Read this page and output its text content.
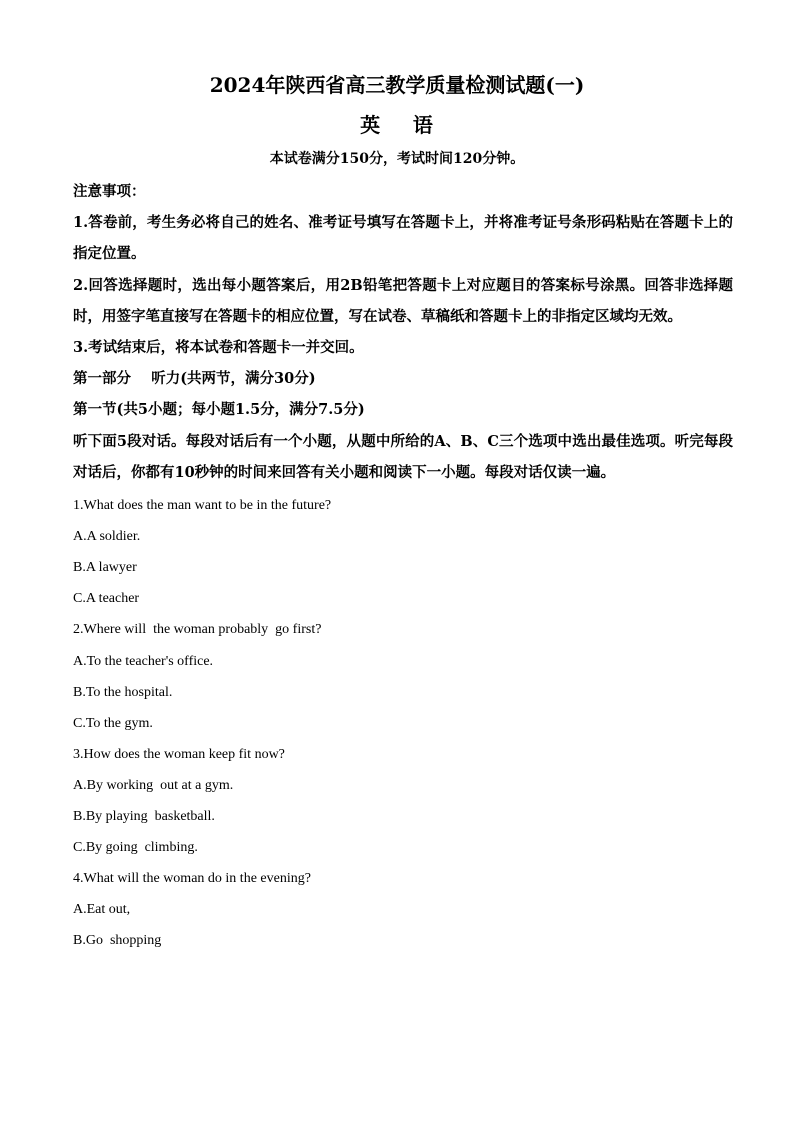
2024年陕西省高三教学质量检测试题(一)
英    语
本试卷满分150分，考试时间120分钟。

注意事项：

1.答卷前，考生务必将自己的姓名、准考证号填写在答题卡上，并将准考证号条形码粘贴在答题卡上的指定位置。

2.回答选择题时，选出每小题答案后，用2B铅笔把答题卡上对应题目的答案标号涂黑。回答非选择题时，用签字笔直接写在答题卡的相应位置，写在试卷、草稿纸和答题卡上的非指定区域均无效。

3.考试结束后，将本试卷和答题卡一并交回。

第一部分    听力(共两节，满分30分)

第一节(共5小题；每小题1.5分，满分7.5分)

听下面5段对话。每段对话后有一个小题，从题中所给的A、B、C三个选项中选出最佳选项。听完每段对话后，你都有10秒钟的时间来回答有关小题和阅读下一小题。每段对话仅读一遍。

1.What does the man want to be in the future?

A.A soldier.

B.A lawyer

C.A teacher

2.Where will  the woman probably  go first?

A.To the teacher's office.

B.To the hospital.

C.To the gym.

3.How does the woman keep fit now?

A.By working  out at a gym.

B.By playing  basketball.

C.By going  climbing.

4.What will the woman do in the evening?

A.Eat out,

B.Go  shopping
